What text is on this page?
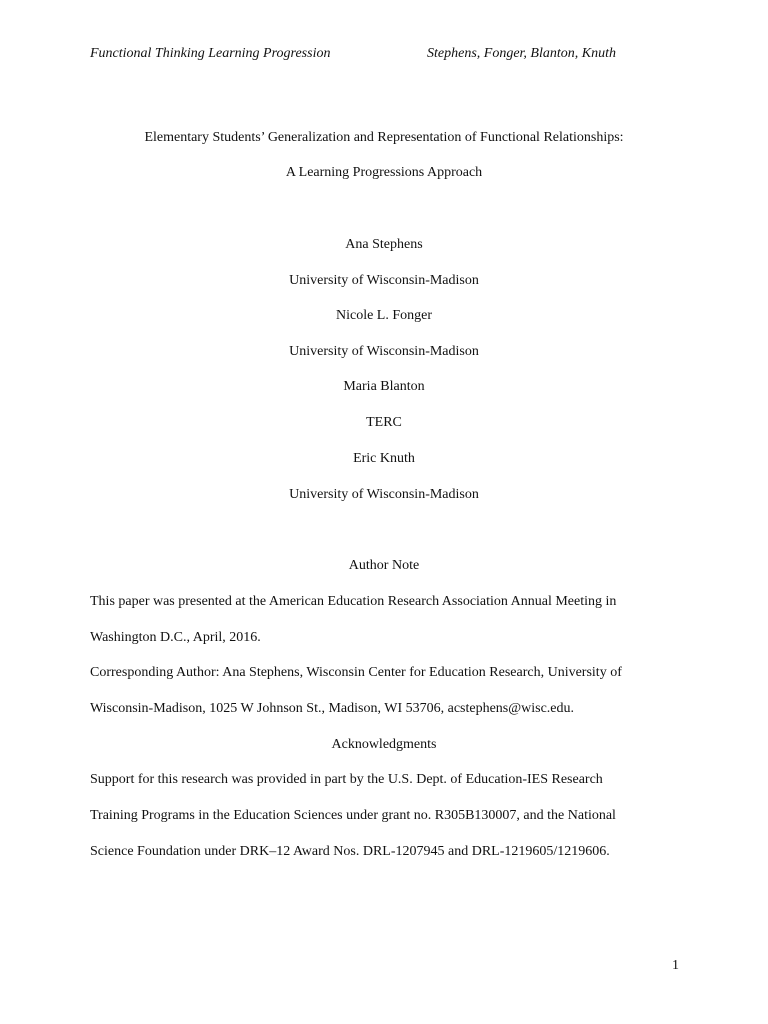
Functional Thinking Learning Progression	Stephens, Fonger, Blanton, Knuth
Elementary Students’ Generalization and Representation of Functional Relationships:
A Learning Progressions Approach
Ana Stephens
University of Wisconsin-Madison
Nicole L. Fonger
University of Wisconsin-Madison
Maria Blanton
TERC
Eric Knuth
University of Wisconsin-Madison
Author Note
This paper was presented at the American Education Research Association Annual Meeting in
Washington D.C., April, 2016.
Corresponding Author: Ana Stephens, Wisconsin Center for Education Research, University of
Wisconsin-Madison, 1025 W Johnson St., Madison, WI 53706, acstephens@wisc.edu.
Acknowledgments
Support for this research was provided in part by the U.S. Dept. of Education-IES Research
Training Programs in the Education Sciences under grant no. R305B130007, and the National
Science Foundation under DRK–12 Award Nos. DRL-1207945 and DRL-1219605/1219606.
1
